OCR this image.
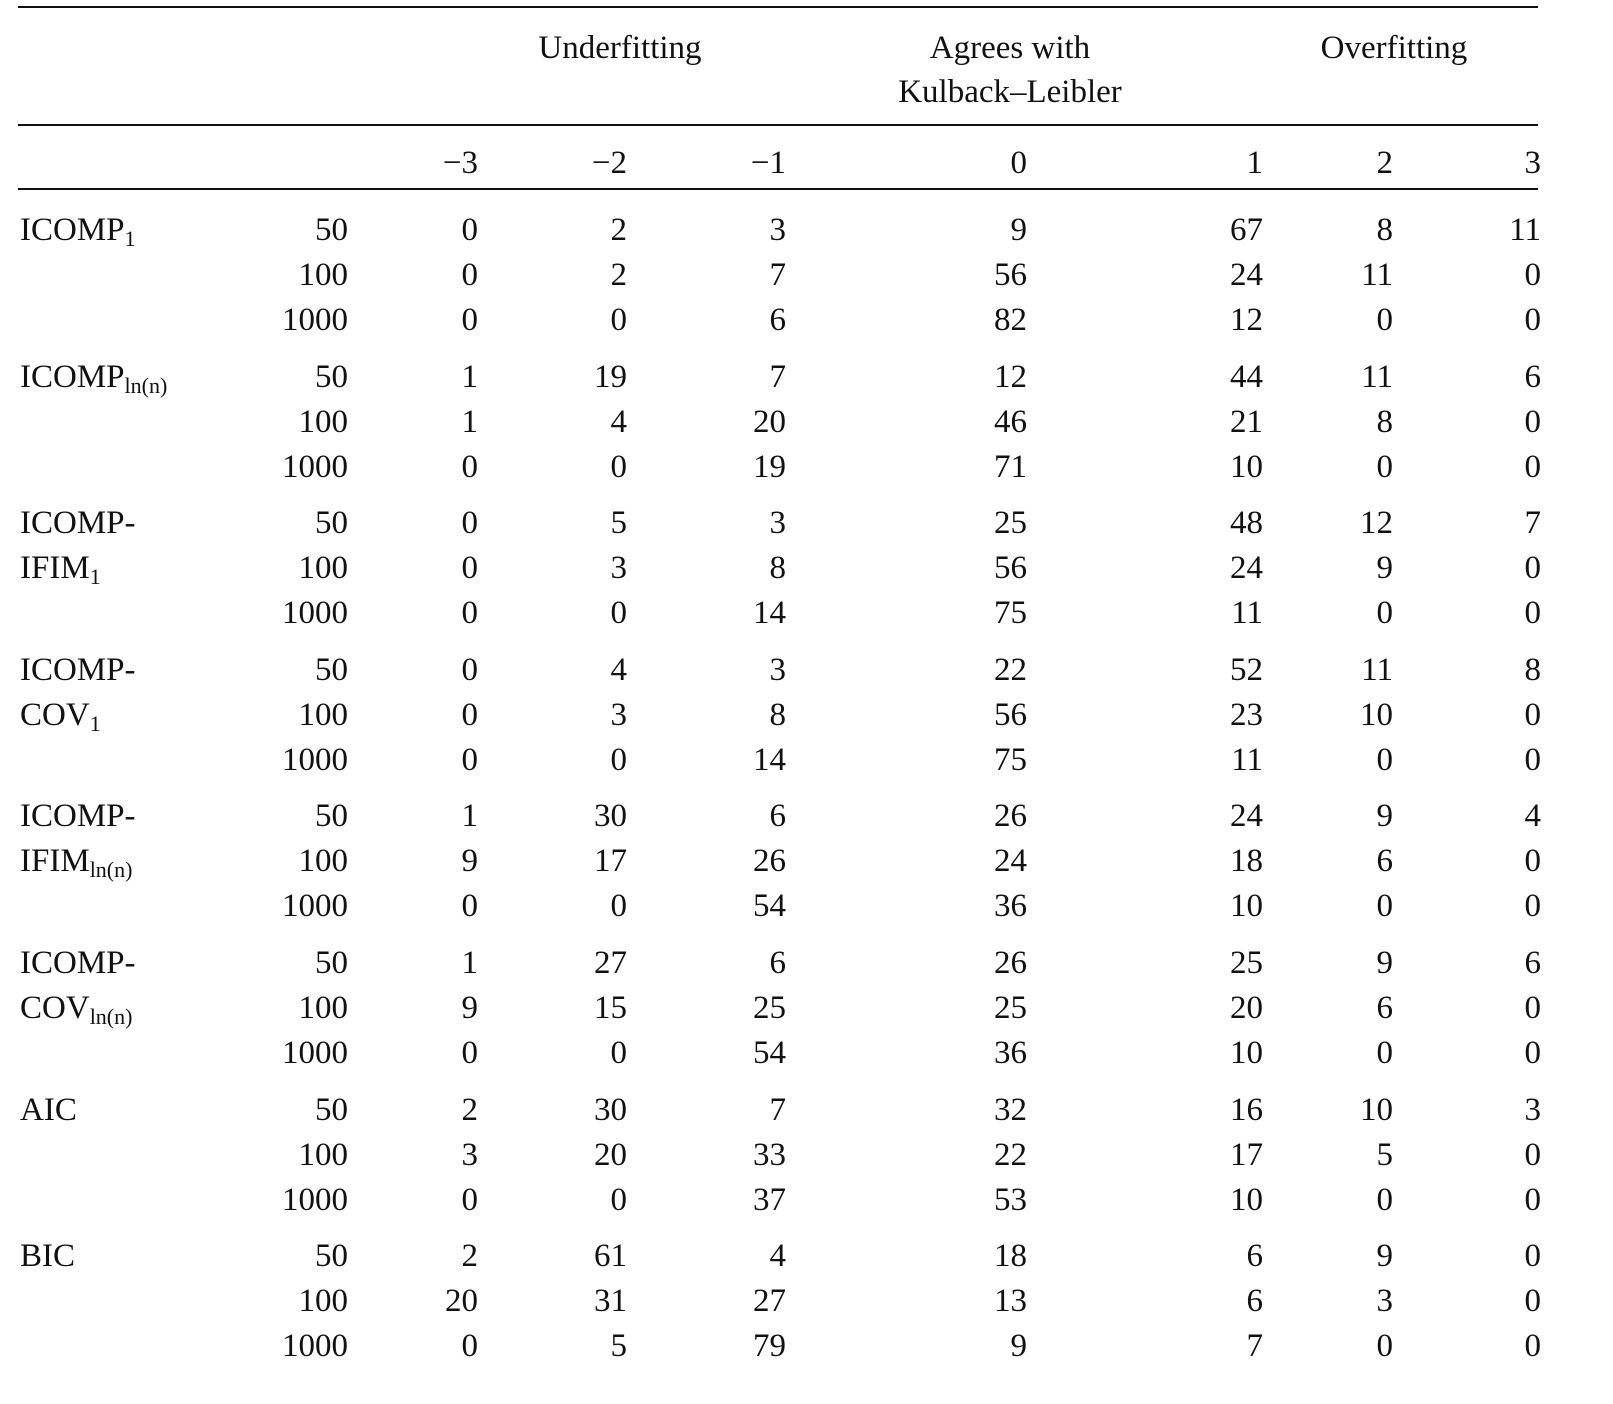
Underfitting	Agrees with
Kulback–Leibler
Overfitting
−3	−2	−1	0	1	2	3
$ICOMP_1$	50	0	2	3	9	67	8	11
100	0	2	7	56	24	11	0
1000	0	0	6	82	12	0	0
$ICOMP_{ln(n)}$	50	1	19	7	12	44	11	6
100	1	4	20	46	21	8	0
1000	0	0	19	71	10	0	0
ICOMP-
$IFIM_1$
50	0	5	3	25	48	12	7
100	0	3	8	56	24	9	0
1000	0	0	14	75	11	0	0
ICOMP-
$COV_1$
50	0	4	3	22	52	11	8
100	0	3	8	56	23	10	0
1000	0	0	14	75	11	0	0
ICOMP-
$IFIM_{ln(n)}$
50	1	30	6	26	24	9	4
100	9	17	26	24	18	6	0
1000	0	0	54	36	10	0	0
ICOMP-
$COV_{ln(n)}$
50	1	27	6	26	25	9	6
100	9	15	25	25	20	6	0
1000	0	0	54	36	10	0	0
AIC	50	2	30	7	32	16	10	3
100	3	20	33	22	17	5	0
1000	0	0	37	53	10	0	0
BIC	50	2	61	4	18	6	9	0
100	20	31	27	13	6	3	0
1000	0	5	79	9	7	0	0
